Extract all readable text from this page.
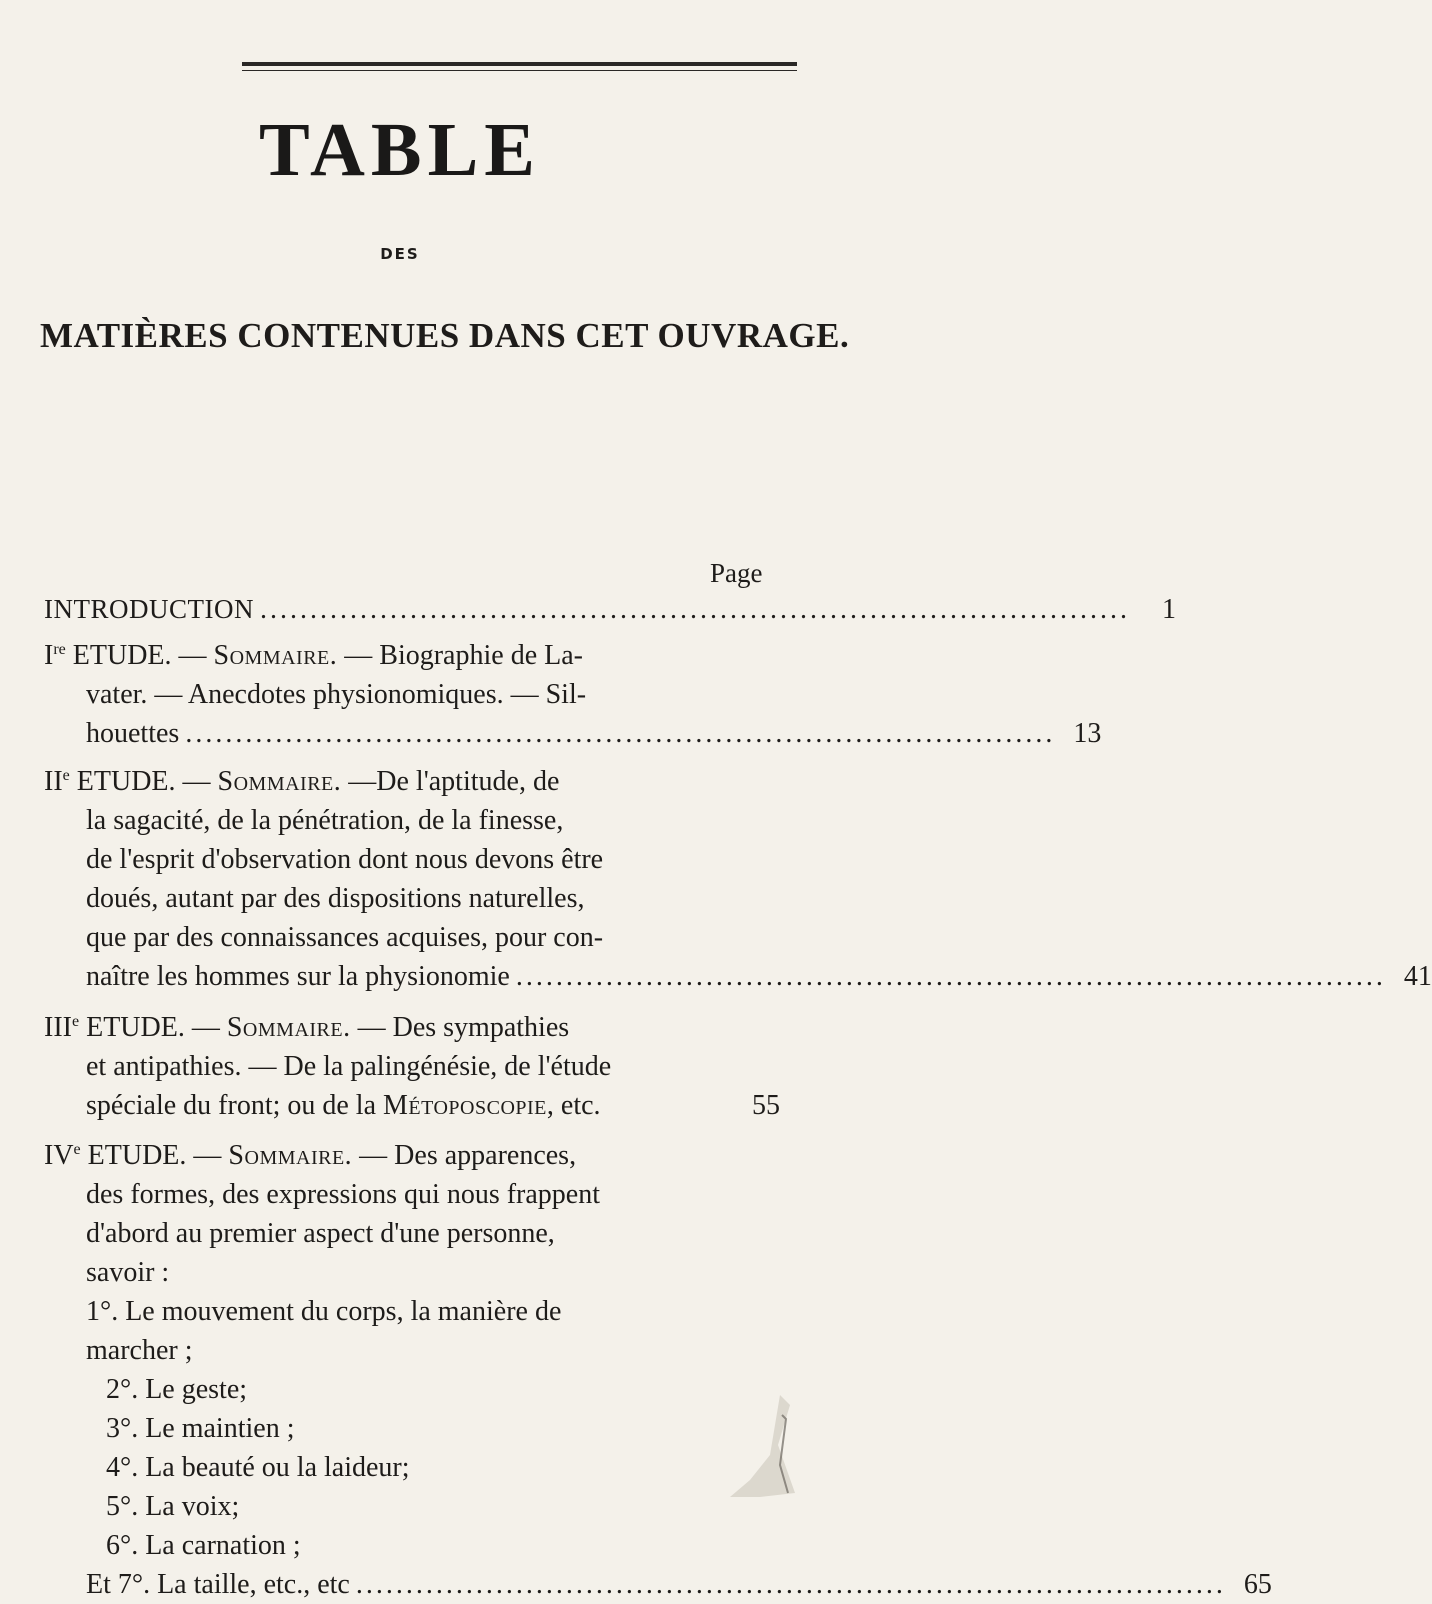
TABLE
DES
MATIÈRES CONTENUES DANS CET OUVRAGE.
Page
INTRODUCTION .......................................................................................	1
Ire ETUDE. — Sommaire. — Biographie de La-
vater. — Anecdotes physionomiques. — Sil-
houettes ....................................................................................... 13
IIe ETUDE. — Sommaire. —De l'aptitude, de
la sagacité, de la pénétration, de la finesse,
de l'esprit d'observation dont nous devons être
doués, autant par des dispositions naturelles,
que par des connaissances acquises, pour con-
naître les hommes sur la physionomie ....................................................................................... 41
IIIe ETUDE. — Sommaire. — Des sympathies
et antipathies. — De la palingénésie, de l'étude
spéciale du front; ou de la Métoposcopie, etc.	55
IVe ETUDE. — Sommaire. — Des apparences,
des formes, des expressions qui nous frappent
d'abord au premier aspect d'une personne,
savoir :
1°. Le mouvement du corps, la manière de
marcher ;
2°. Le geste;
3°. Le maintien ;
4°. La beauté ou la laideur;
5°. La voix;
6°. La carnation ;
Et 7°. La taille, etc., etc ....................................................................................... 65
